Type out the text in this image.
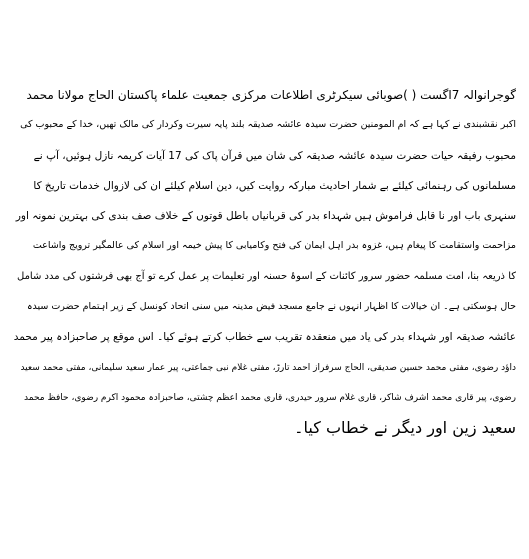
گوجرانوالہ 7اگست ( )صوبائی سیکرٹری اطلاعات مرکزی جمعیت علماء پاکستان الحاج مولانا محمد
اکبر نقشبندی نے کہا ہے کہ ام المومنین حضرت سیدہ عائشہ صدیقہ بلند پایہ سیرت وکردار کی مالک تھیں، خدا کے محبوب کی
محبوب رفیقہ حیات حضرت سیدہ عائشہ صدیقہ کی شان میں قرآن پاک کی 17 آیات کریمہ نازل ہوئیں، آپ نے
مسلمانوں کی رہنمائی کیلئے بے شمار احادیث مبارکہ روایت کیں، دین اسلام کیلئے ان کی لازوال خدمات تاریخ کا
سنہری باب اور نا قابل فراموش ہیں شہداء بدر کی قربانیاں باطل قوتوں کے خلاف صف بندی کی بہترین نمونہ اور
مزاحمت واستقامت کا پیغام ہیں، غزوہ بدر اہل ایمان کی فتح وکامیابی کا پیش خیمہ اور اسلام کی عالمگیر ترویج واشاعت
کا ذریعہ بنا، امت مسلمہ حضور سرور کائنات کے اسوۂ حسنہ اور تعلیمات پر عمل کرے تو آج بھی فرشتوں کی مدد شامل
حال ہوسکتی ہے۔ ان خیالات کا اظہار انہوں نے جامع مسجد فیض مدینہ میں سنی اتحاد کونسل کے زیر اہتمام حضرت سیدہ
عائشہ صدیقہ اور شہداء بدر کی یاد میں منعقدہ تقریب سے خطاب کرتے ہوئے کیا۔ اس موقع پر صاحبزادہ پیر محمد
داؤد رضوی، مفتی محمد حسین صدیقی، الحاج سرفراز احمد تارڑ، مفتی غلام نبی جماعتی، پیر عمار سعید سلیمانی، مفتی محمد سعید
رضوی، پیر قاری محمد اشرف شاکر، قاری غلام سرور حیدری، قاری محمد اعظم چشتی، صاحبزادہ محمود اکرم رضوی، حافظ محمد
سعید زین اور دیگر نے خطاب کیا۔
